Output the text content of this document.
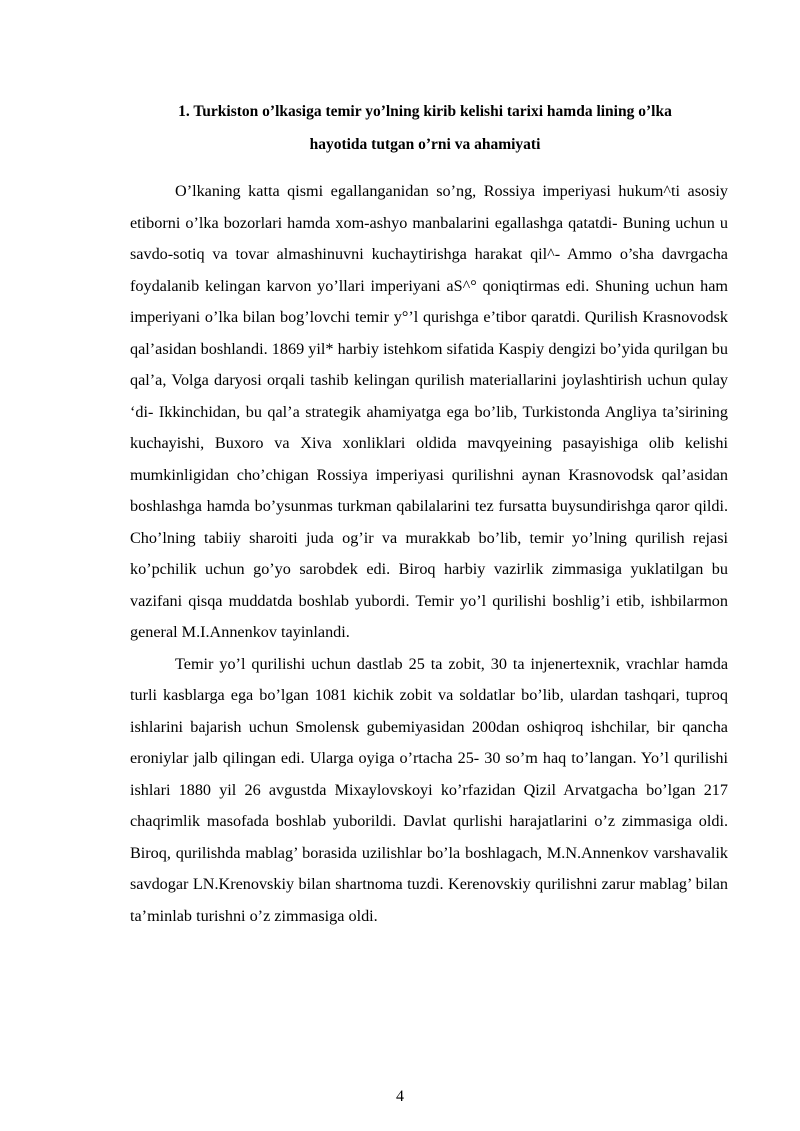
1. Turkiston o’lkasiga temir yo’lning kirib kelishi tarixi hamda lining o’lka
hayotida tutgan o’rni va ahamiyati

O’lkaning katta qismi egallanganidan so’ng, Rossiya imperiyasi hukum^ti asosiy etiborni o’lka bozorlari hamda xom-ashyo manbalarini egallashga qatatdi- Buning uchun u savdo-sotiq va tovar almashinuvni kuchaytirishga harakat qil^- Ammo o’sha davrgacha foydalanib kelingan karvon yo’llari imperiyani aS^° qoniqtirmas edi. Shuning uchun ham imperiyani o’lka bilan bog’lovchi temir y°’l qurishga e’tibor qaratdi. Qurilish Krasnovodsk qal’asidan boshlandi. 1869 yil* harbiy istehkom sifatida Kaspiy dengizi bo’yida qurilgan bu qal’a, Volga daryosi orqali tashib kelingan qurilish materiallarini joylashtirish uchun qulay ‘di- Ikkinchidan, bu qal’a strategik ahamiyatga ega bo’lib, Turkistonda Angliya ta’sirining kuchayishi, Buxoro va Xiva xonliklari oldida mavqyeining pasayishiga olib kelishi mumkinligidan cho’chigan Rossiya imperiyasi qurilishni aynan Krasnovodsk qal’asidan boshlashga hamda bo’ysunmas turkman qabilalarini tez fursatta buysundirishga qaror qildi. Cho’lning tabiiy sharoiti juda og’ir va murakkab bo’lib, temir yo’lning qurilish rejasi ko’pchilik uchun go’yo sarobdek edi. Biroq harbiy vazirlik zimmasiga yuklatilgan bu vazifani qisqa muddatda boshlab yubordi. Temir yo’l qurilishi boshlig’i etib, ishbilarmon general M.I.Annenkov tayinlandi.

Temir yo’l qurilishi uchun dastlab 25 ta zobit, 30 ta injenertexnik, vrachlar hamda turli kasblarga ega bo’lgan 1081 kichik zobit va soldatlar bo’lib, ulardan tashqari, tuproq ishlarini bajarish uchun Smolensk gubemiyasidan 200dan oshiqroq ishchilar, bir qancha eroniylar jalb qilingan edi. Ularga oyiga o’rtacha 25- 30 so’m haq to’langan. Yo’l qurilishi ishlari 1880 yil 26 avgustda Mixaylovskoyi ko’rfazidan Qizil Arvatgacha bo’lgan 217 chaqrimlik masofada boshlab yuborildi. Davlat qurlishi harajatlarini o’z zimmasiga oldi. Biroq, qurilishda mablag’ borasida uzilishlar bo’la boshlagach, M.N.Annenkov varshavalik savdogar LN.Krenovskiy bilan shartnoma tuzdi. Kerenovskiy qurilishni zarur mablag’ bilan ta’minlab turishni o’z zimmasiga oldi.

4
